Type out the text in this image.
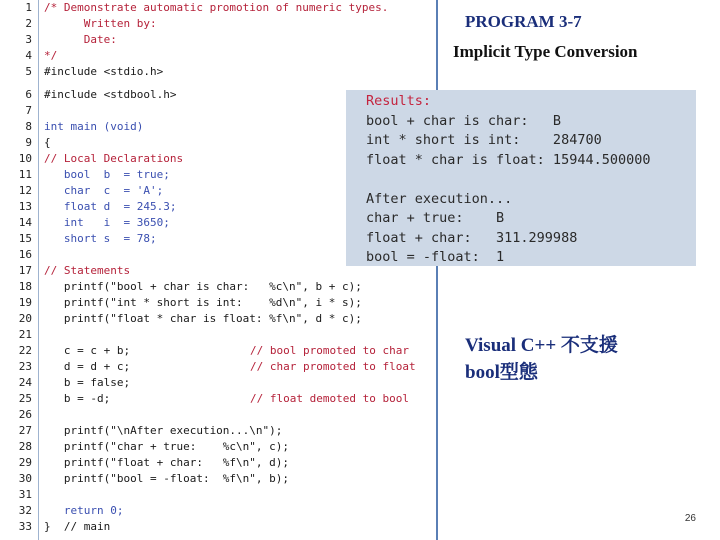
1 /* Demonstrate automatic promotion of numeric types.
2 Written by:
3 Date:
4 */
5 #include <stdio.h>
6 #include <stdbool.h>
7
8 int main (void)
9 {
10 // Local Declarations
11 bool  b  = true;
12 char  c  = 'A';
13 float d  = 245.3;
14 int   i  = 3650;
15 short s  = 78;
16
17 // Statements
18 printf("bool + char is char:   %c\n", b + c);
19 printf("int * short is int:    %d\n", i * s);
20 printf("float * char is float: %f\n", d * c);
21
22 c = c + b;	// bool promoted to char
23 d = d + c;	// char promoted to float
24 b = false;
25 b = -d;	// float demoted to bool
26
27 printf("\nAfter execution...\n");
28 printf("char + true:    %c\n", c);
29 printf("float + char:   %f\n", d);
30 printf("bool = -float:  %f\n", b);
31
32 return 0;
33 }  // main
Results:
bool + char is char:   B
int * short is int:    284700
float * char is float: 15944.500000
After execution...
char + true:    B
float + char:   311.299988
bool = -float:  1
PROGRAM 3-7
Implicit Type Conversion
Visual C++ 不支援
bool型態
26
